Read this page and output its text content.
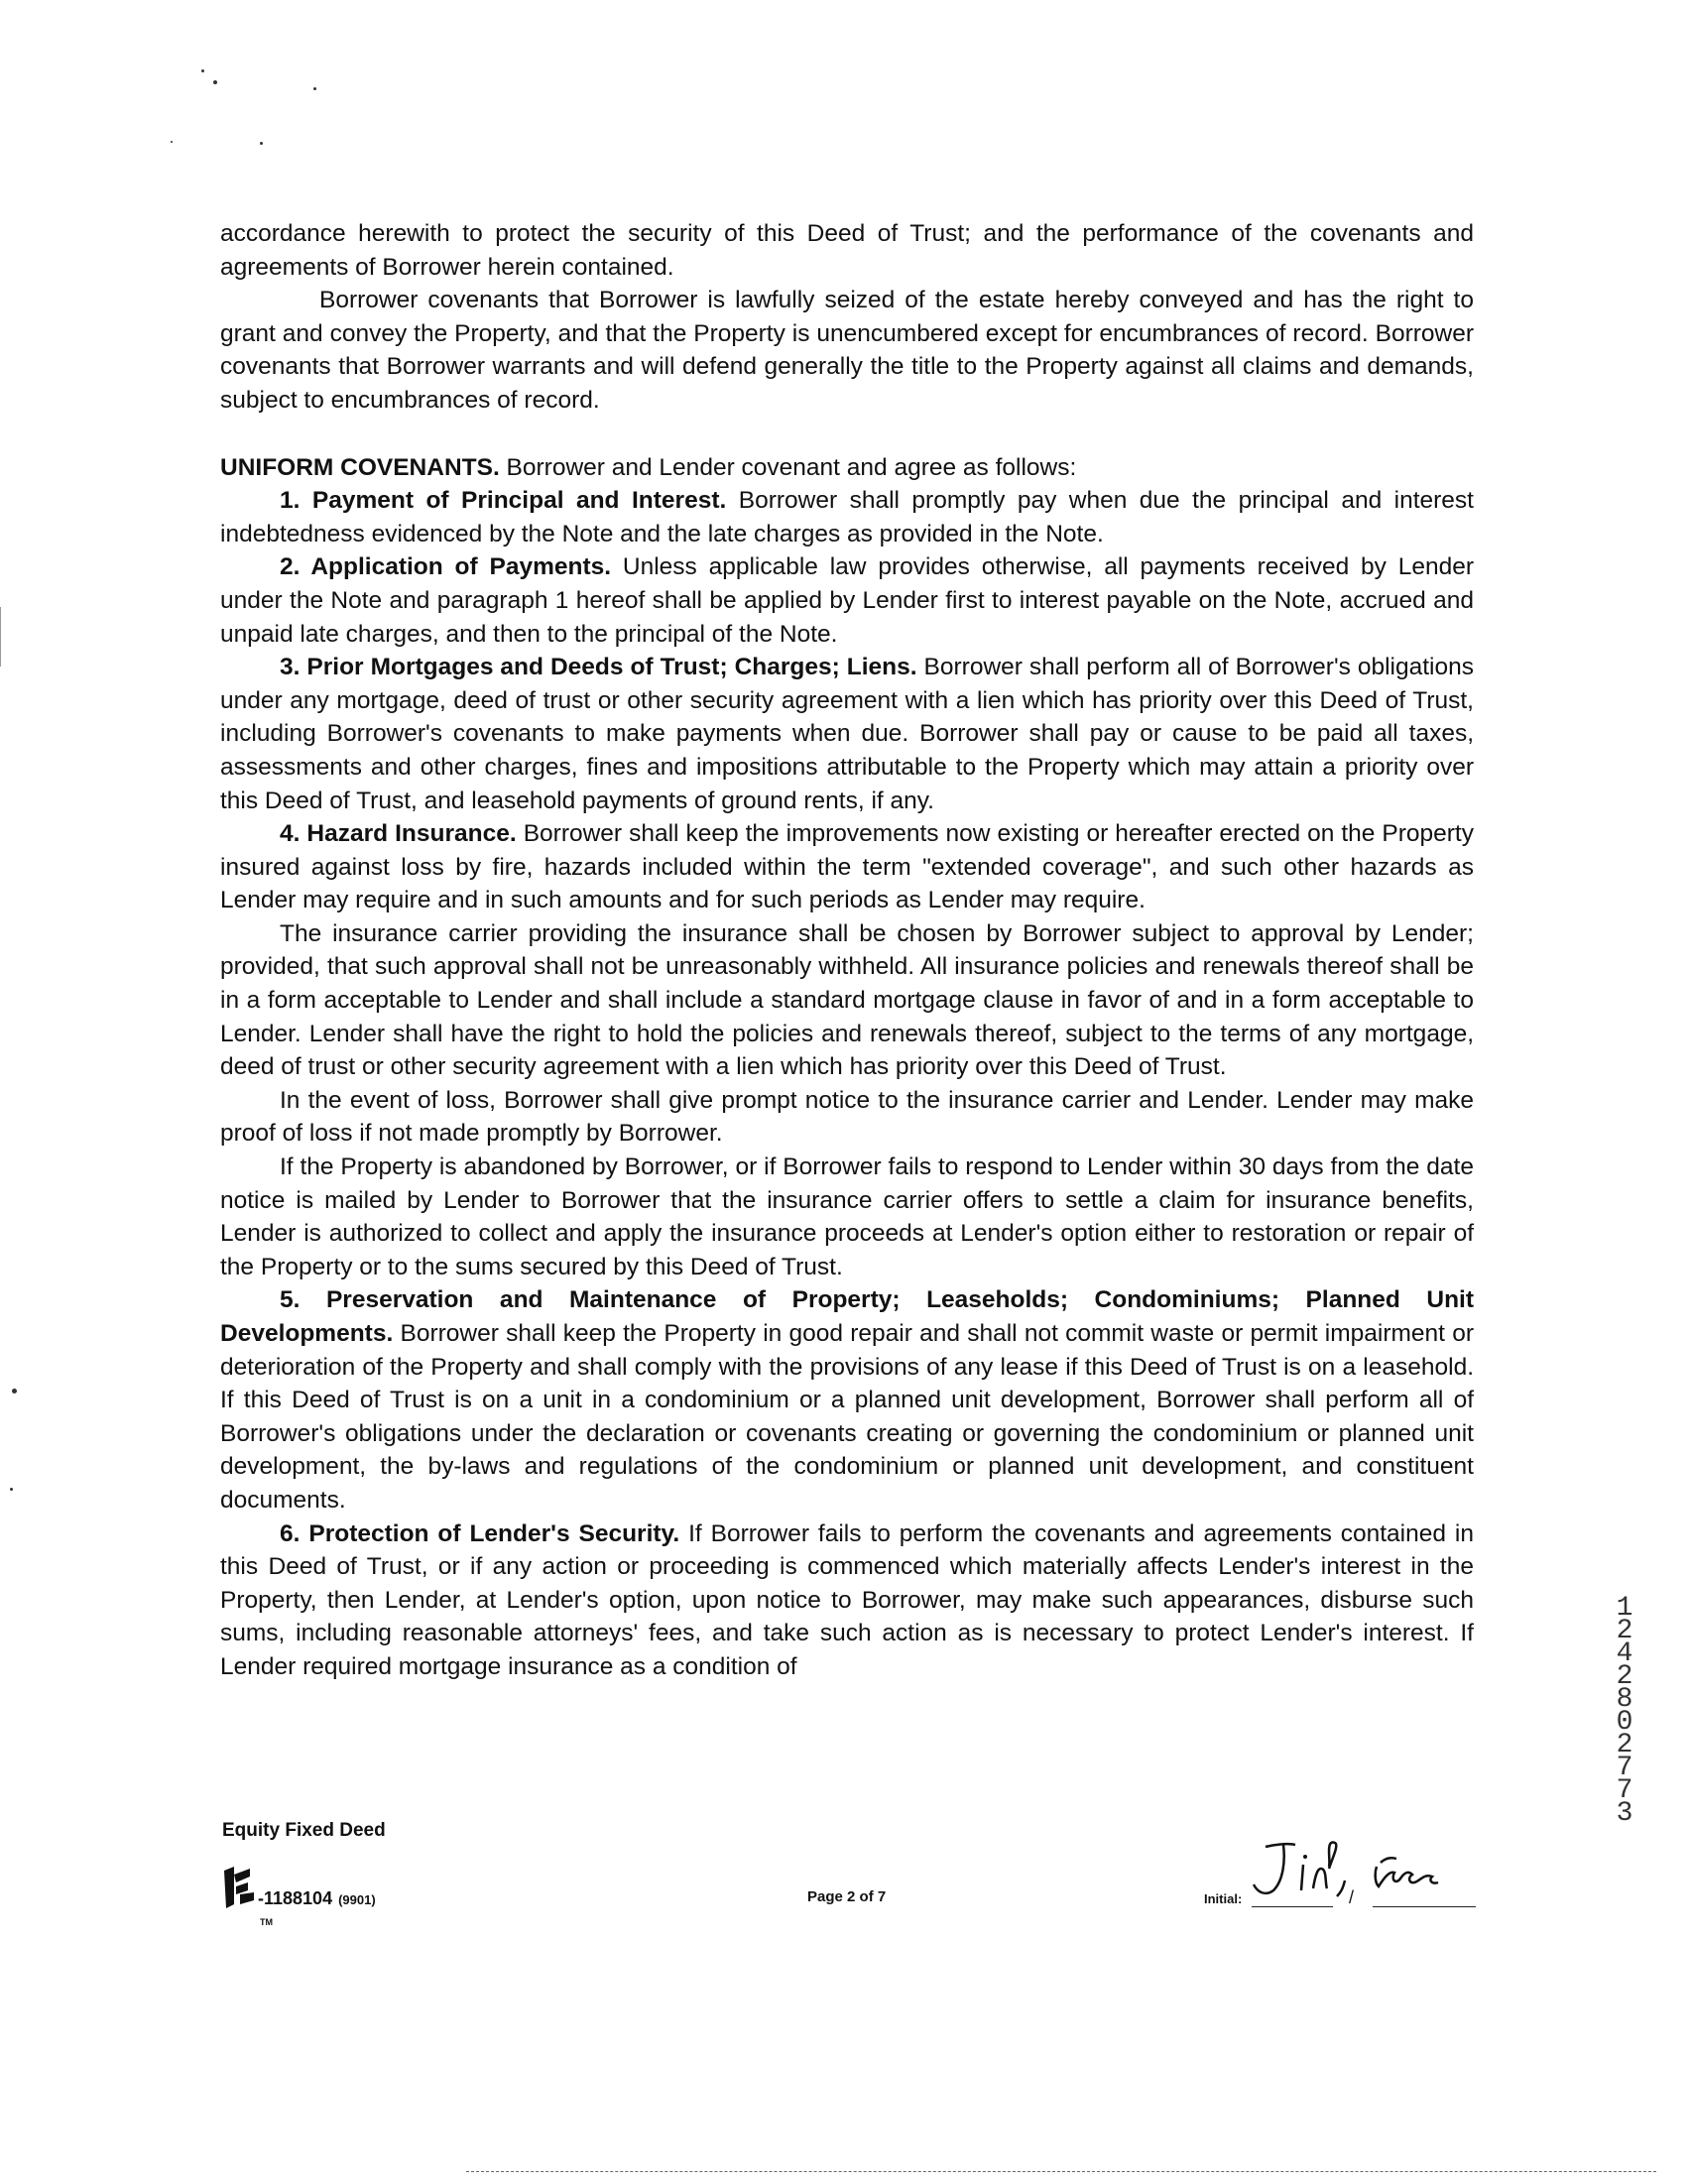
accordance herewith to protect the security of this Deed of Trust; and the performance of the covenants and agreements of Borrower herein contained.

Borrower covenants that Borrower is lawfully seized of the estate hereby conveyed and has the right to grant and convey the Property, and that the Property is unencumbered except for encumbrances of record. Borrower covenants that Borrower warrants and will defend generally the title to the Property against all claims and demands, subject to encumbrances of record.

UNIFORM COVENANTS. Borrower and Lender covenant and agree as follows:

1. Payment of Principal and Interest. Borrower shall promptly pay when due the principal and interest indebtedness evidenced by the Note and the late charges as provided in the Note.

2. Application of Payments. Unless applicable law provides otherwise, all payments received by Lender under the Note and paragraph 1 hereof shall be applied by Lender first to interest payable on the Note, accrued and unpaid late charges, and then to the principal of the Note.

3. Prior Mortgages and Deeds of Trust; Charges; Liens. Borrower shall perform all of Borrower's obligations under any mortgage, deed of trust or other security agreement with a lien which has priority over this Deed of Trust, including Borrower's covenants to make payments when due. Borrower shall pay or cause to be paid all taxes, assessments and other charges, fines and impositions attributable to the Property which may attain a priority over this Deed of Trust, and leasehold payments of ground rents, if any.

4. Hazard Insurance. Borrower shall keep the improvements now existing or hereafter erected on the Property insured against loss by fire, hazards included within the term "extended coverage", and such other hazards as Lender may require and in such amounts and for such periods as Lender may require.

The insurance carrier providing the insurance shall be chosen by Borrower subject to approval by Lender; provided, that such approval shall not be unreasonably withheld. All insurance policies and renewals thereof shall be in a form acceptable to Lender and shall include a standard mortgage clause in favor of and in a form acceptable to Lender. Lender shall have the right to hold the policies and renewals thereof, subject to the terms of any mortgage, deed of trust or other security agreement with a lien which has priority over this Deed of Trust.

In the event of loss, Borrower shall give prompt notice to the insurance carrier and Lender. Lender may make proof of loss if not made promptly by Borrower.

If the Property is abandoned by Borrower, or if Borrower fails to respond to Lender within 30 days from the date notice is mailed by Lender to Borrower that the insurance carrier offers to settle a claim for insurance benefits, Lender is authorized to collect and apply the insurance proceeds at Lender's option either to restoration or repair of the Property or to the sums secured by this Deed of Trust.

5. Preservation and Maintenance of Property; Leaseholds; Condominiums; Planned Unit Developments. Borrower shall keep the Property in good repair and shall not commit waste or permit impairment or deterioration of the Property and shall comply with the provisions of any lease if this Deed of Trust is on a leasehold. If this Deed of Trust is on a unit in a condominium or a planned unit development, Borrower shall perform all of Borrower's obligations under the declaration or covenants creating or governing the condominium or planned unit development, the by-laws and regulations of the condominium or planned unit development, and constituent documents.

6. Protection of Lender's Security. If Borrower fails to perform the covenants and agreements contained in this Deed of Trust, or if any action or proceeding is commenced which materially affects Lender's interest in the Property, then Lender, at Lender's option, upon notice to Borrower, may make such appearances, disburse such sums, including reasonable attorneys' fees, and take such action as is necessary to protect Lender's interest. If Lender required mortgage insurance as a condition of

Equity Fixed Deed
-1188104 (9901)
TM
Page 2 of 7	Initial:	/
1
2
4
2
8
0
2
7
7
3
